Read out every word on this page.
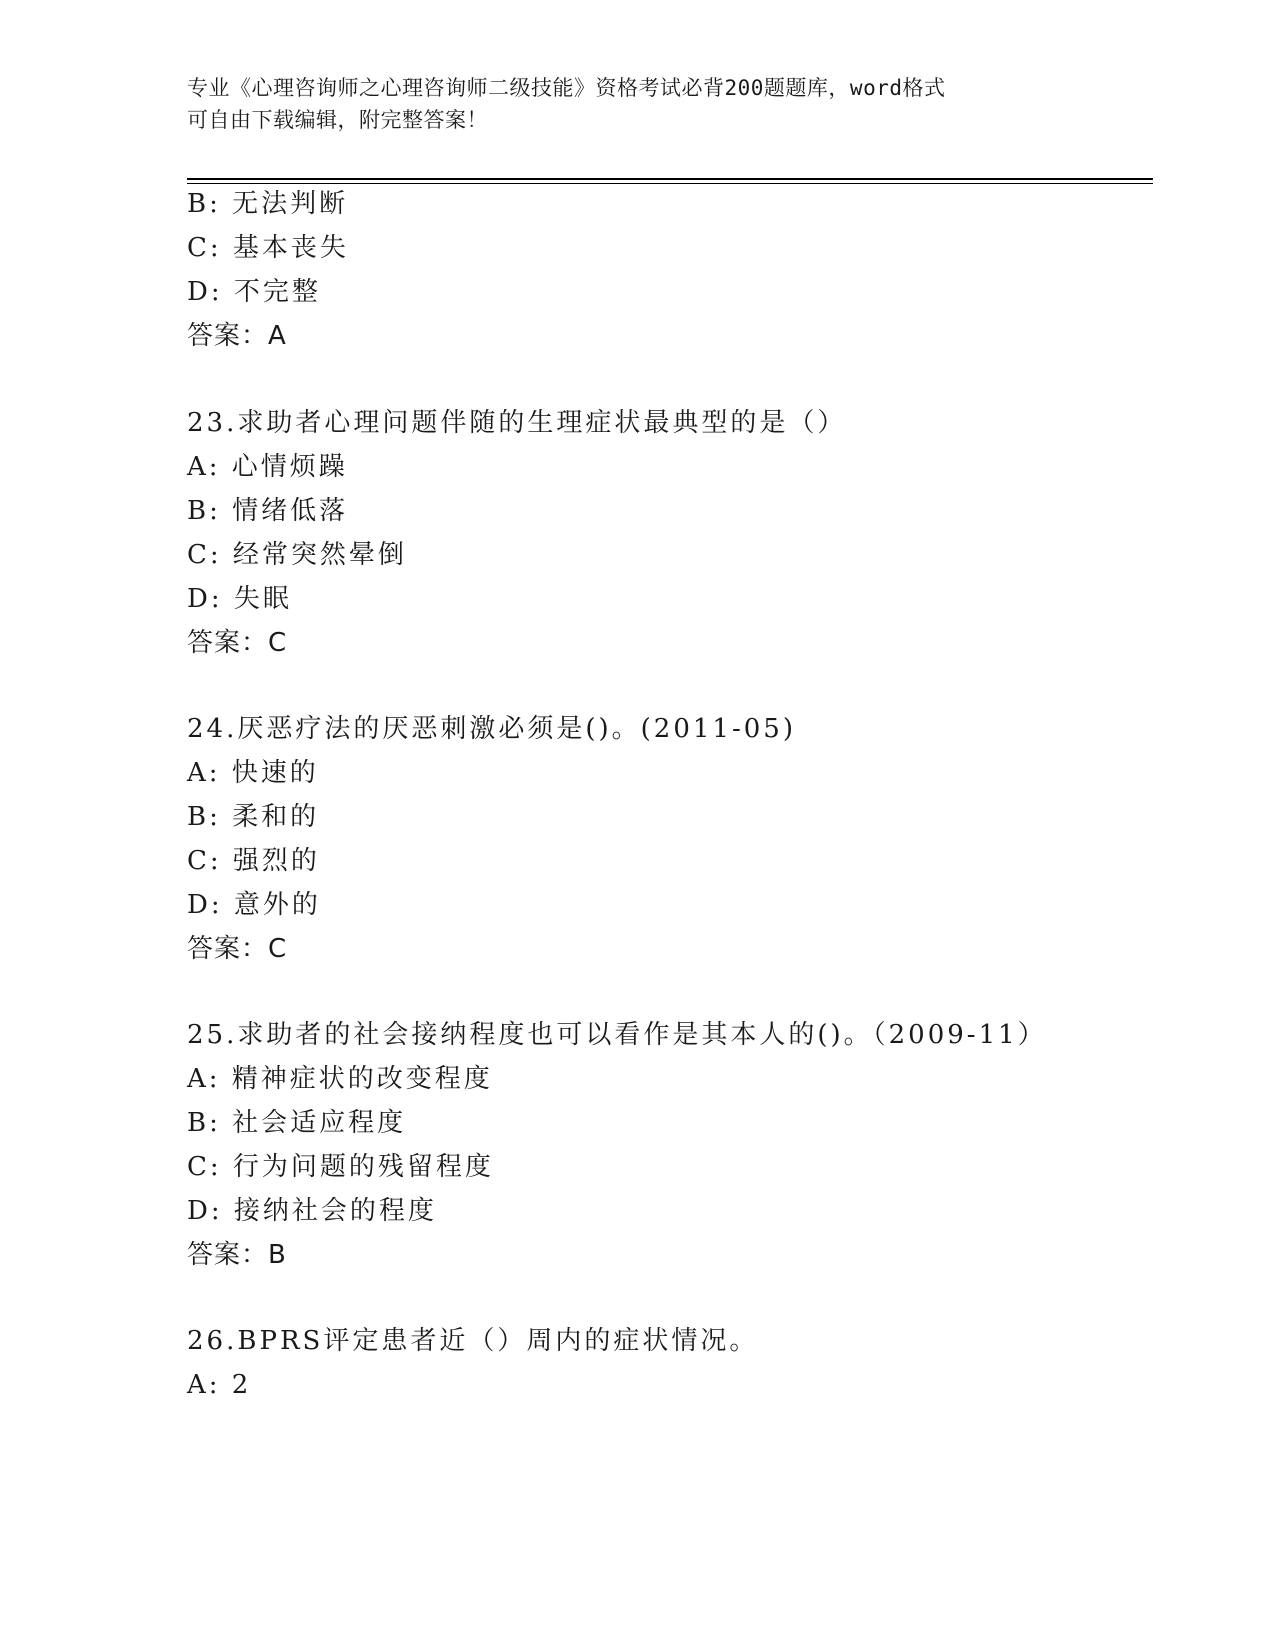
专业《心理咨询师之心理咨询师二级技能》资格考试必背200题题库，word格式
可自由下载编辑，附完整答案！
B: 无法判断
C: 基本丧失
D: 不完整
答案：A
23.求助者心理问题伴随的生理症状最典型的是（）
A: 心情烦躁
B: 情绪低落
C: 经常突然晕倒
D: 失眠
答案：C
24.厌恶疗法的厌恶刺激必须是()。(2011-05)
A: 快速的
B: 柔和的
C: 强烈的
D: 意外的
答案：C
25.求助者的社会接纳程度也可以看作是其本人的()。（2009-11）
A: 精神症状的改变程度
B: 社会适应程度
C: 行为问题的残留程度
D: 接纳社会的程度
答案：B
26.BPRS评定患者近（）周内的症状情况。
A: 2
